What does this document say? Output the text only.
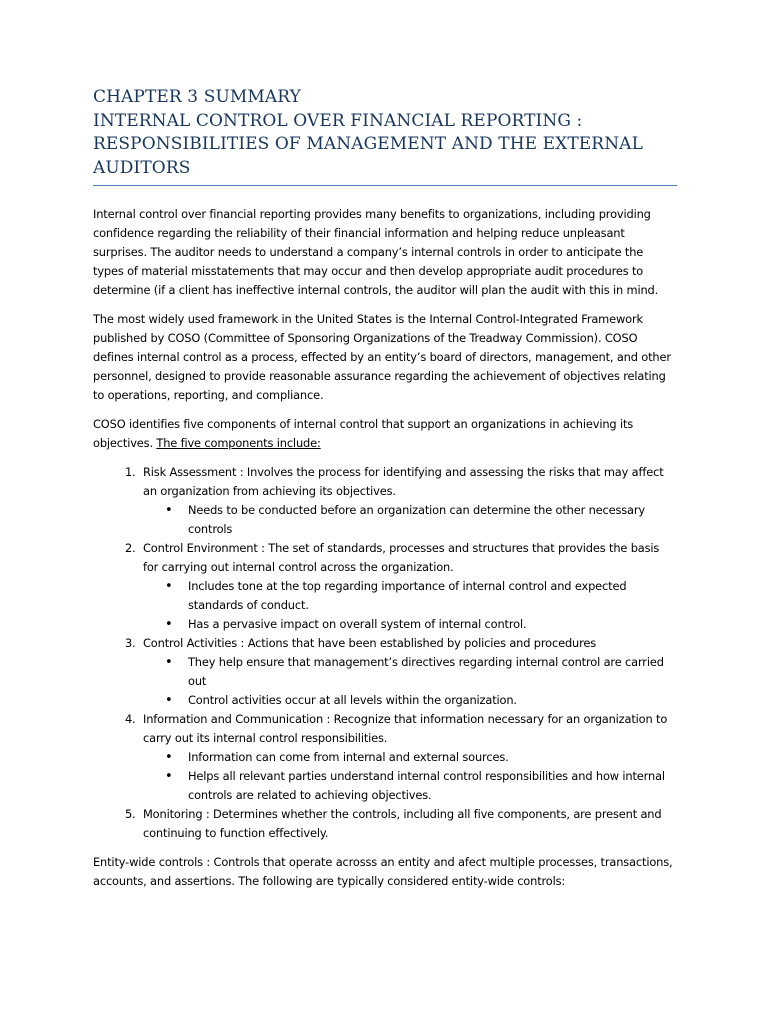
CHAPTER 3 SUMMARY
INTERNAL CONTROL OVER FINANCIAL REPORTING :
RESPONSIBILITIES OF MANAGEMENT AND THE EXTERNAL
AUDITORS

Internal control over financial reporting provides many benefits to organizations, including providing confidence regarding the reliability of their financial information and helping reduce unpleasant surprises. The auditor needs to understand a company’s internal controls in order to anticipate the types of material misstatements that may occur and then develop appropriate audit procedures to determine (if a client has ineffective internal controls, the auditor will plan the audit with this in mind.

The most widely used framework in the United States is the Internal Control-Integrated Framework published by COSO (Committee of Sponsoring Organizations of the Treadway Commission). COSO defines internal control as a process, effected by an entity’s board of directors, management, and other personnel, designed to provide reasonable assurance regarding the achievement of objectives relating to operations, reporting, and compliance.

COSO identifies five components of internal control that support an organizations in achieving its objectives. The five components include:

1. Risk Assessment : Involves the process for identifying and assessing the risks that may affect an organization from achieving its objectives.
• Needs to be conducted before an organization can determine the other necessary controls
2. Control Environment : The set of standards, processes and structures that provides the basis for carrying out internal control across the organization.
• Includes tone at the top regarding importance of internal control and expected standards of conduct.
• Has a pervasive impact on overall system of internal control.
3. Control Activities : Actions that have been established by policies and procedures
• They help ensure that management’s directives regarding internal control are carried out
• Control activities occur at all levels within the organization.
4. Information and Communication : Recognize that information necessary for an organization to carry out its internal control responsibilities.
• Information can come from internal and external sources.
• Helps all relevant parties understand internal control responsibilities and how internal controls are related to achieving objectives.
5. Monitoring : Determines whether the controls, including all five components, are present and continuing to function effectively.

Entity-wide controls : Controls that operate acrosss an entity and afect multiple processes, transactions, accounts, and assertions. The following are typically considered entity-wide controls:
